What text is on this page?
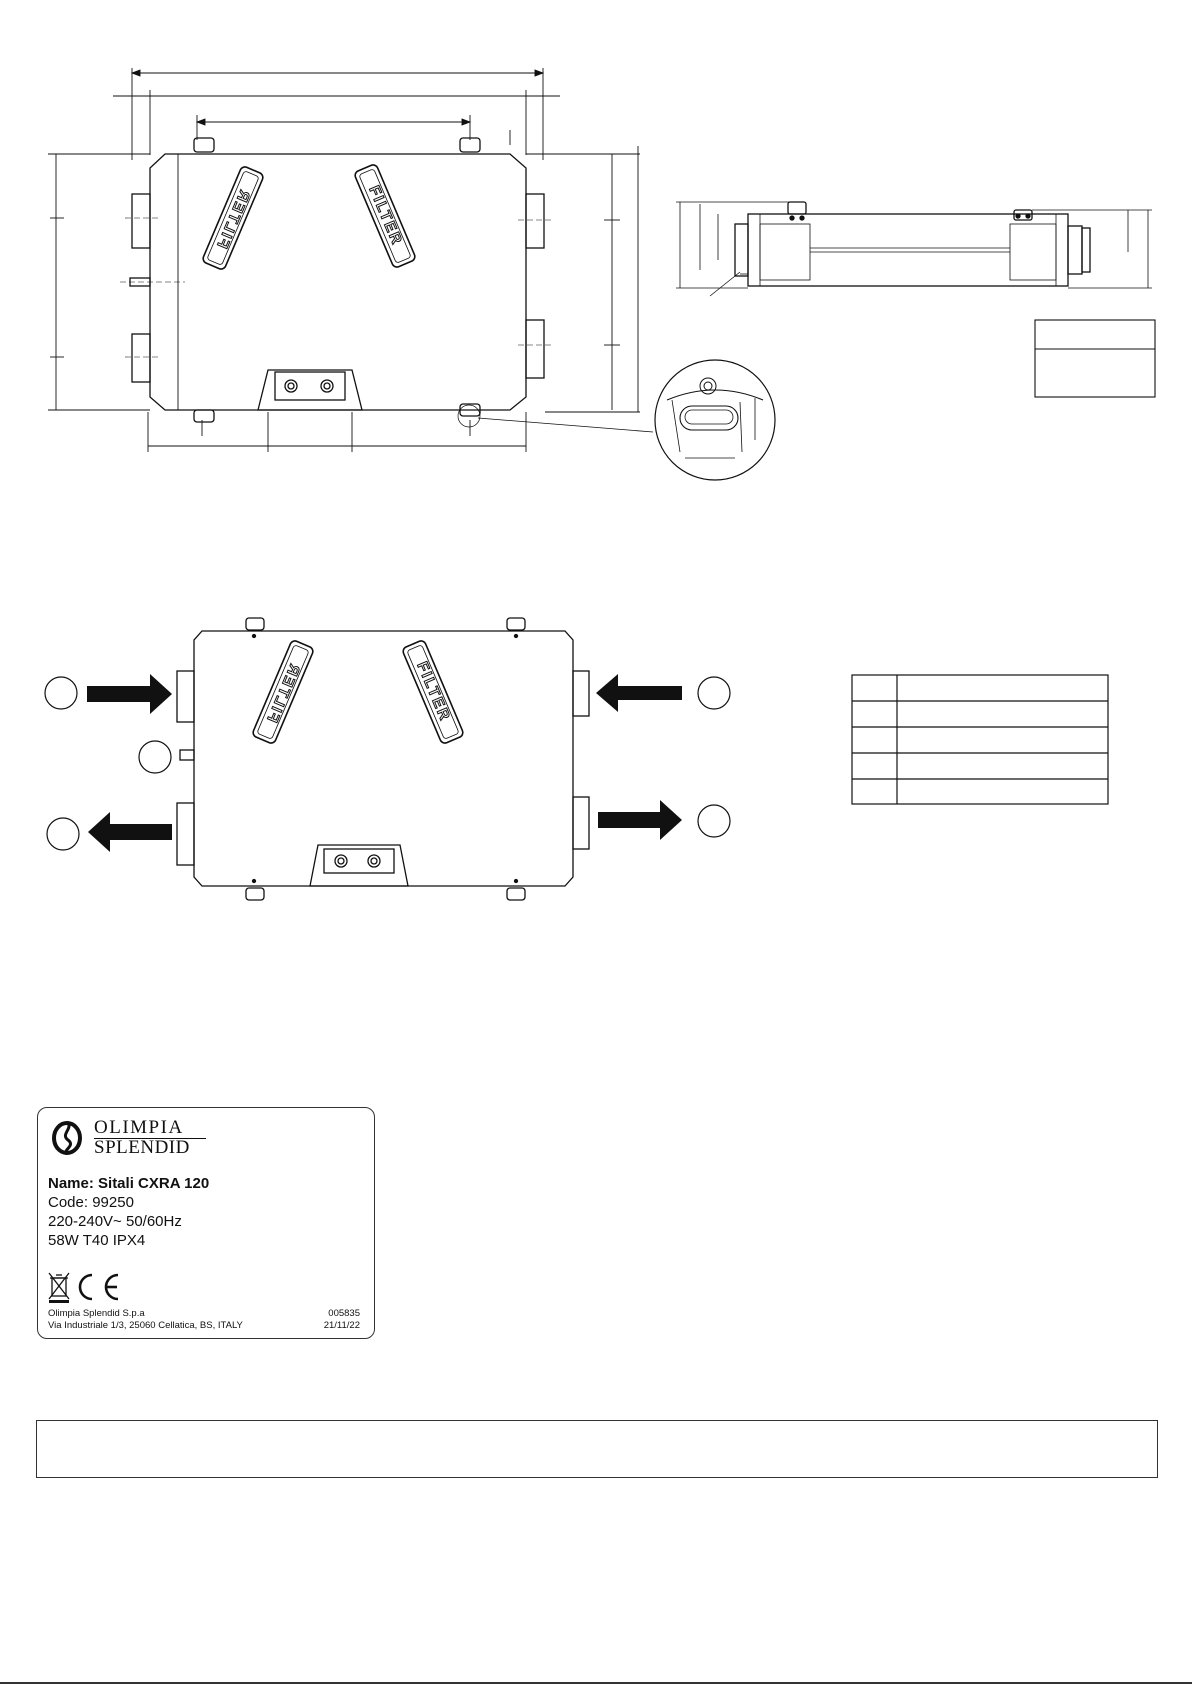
FILTER	FILTER
FILTER	FILTER
OLIMPIA
SPLENDID
Name: Sitali CXRA 120
Code: 99250
220-240V~ 50/60Hz
58W T40 IPX4
Olimpia Splendid S.p.a
Via Industriale 1/3, 25060 Cellatica, BS, ITALY
005835
21/11/22
